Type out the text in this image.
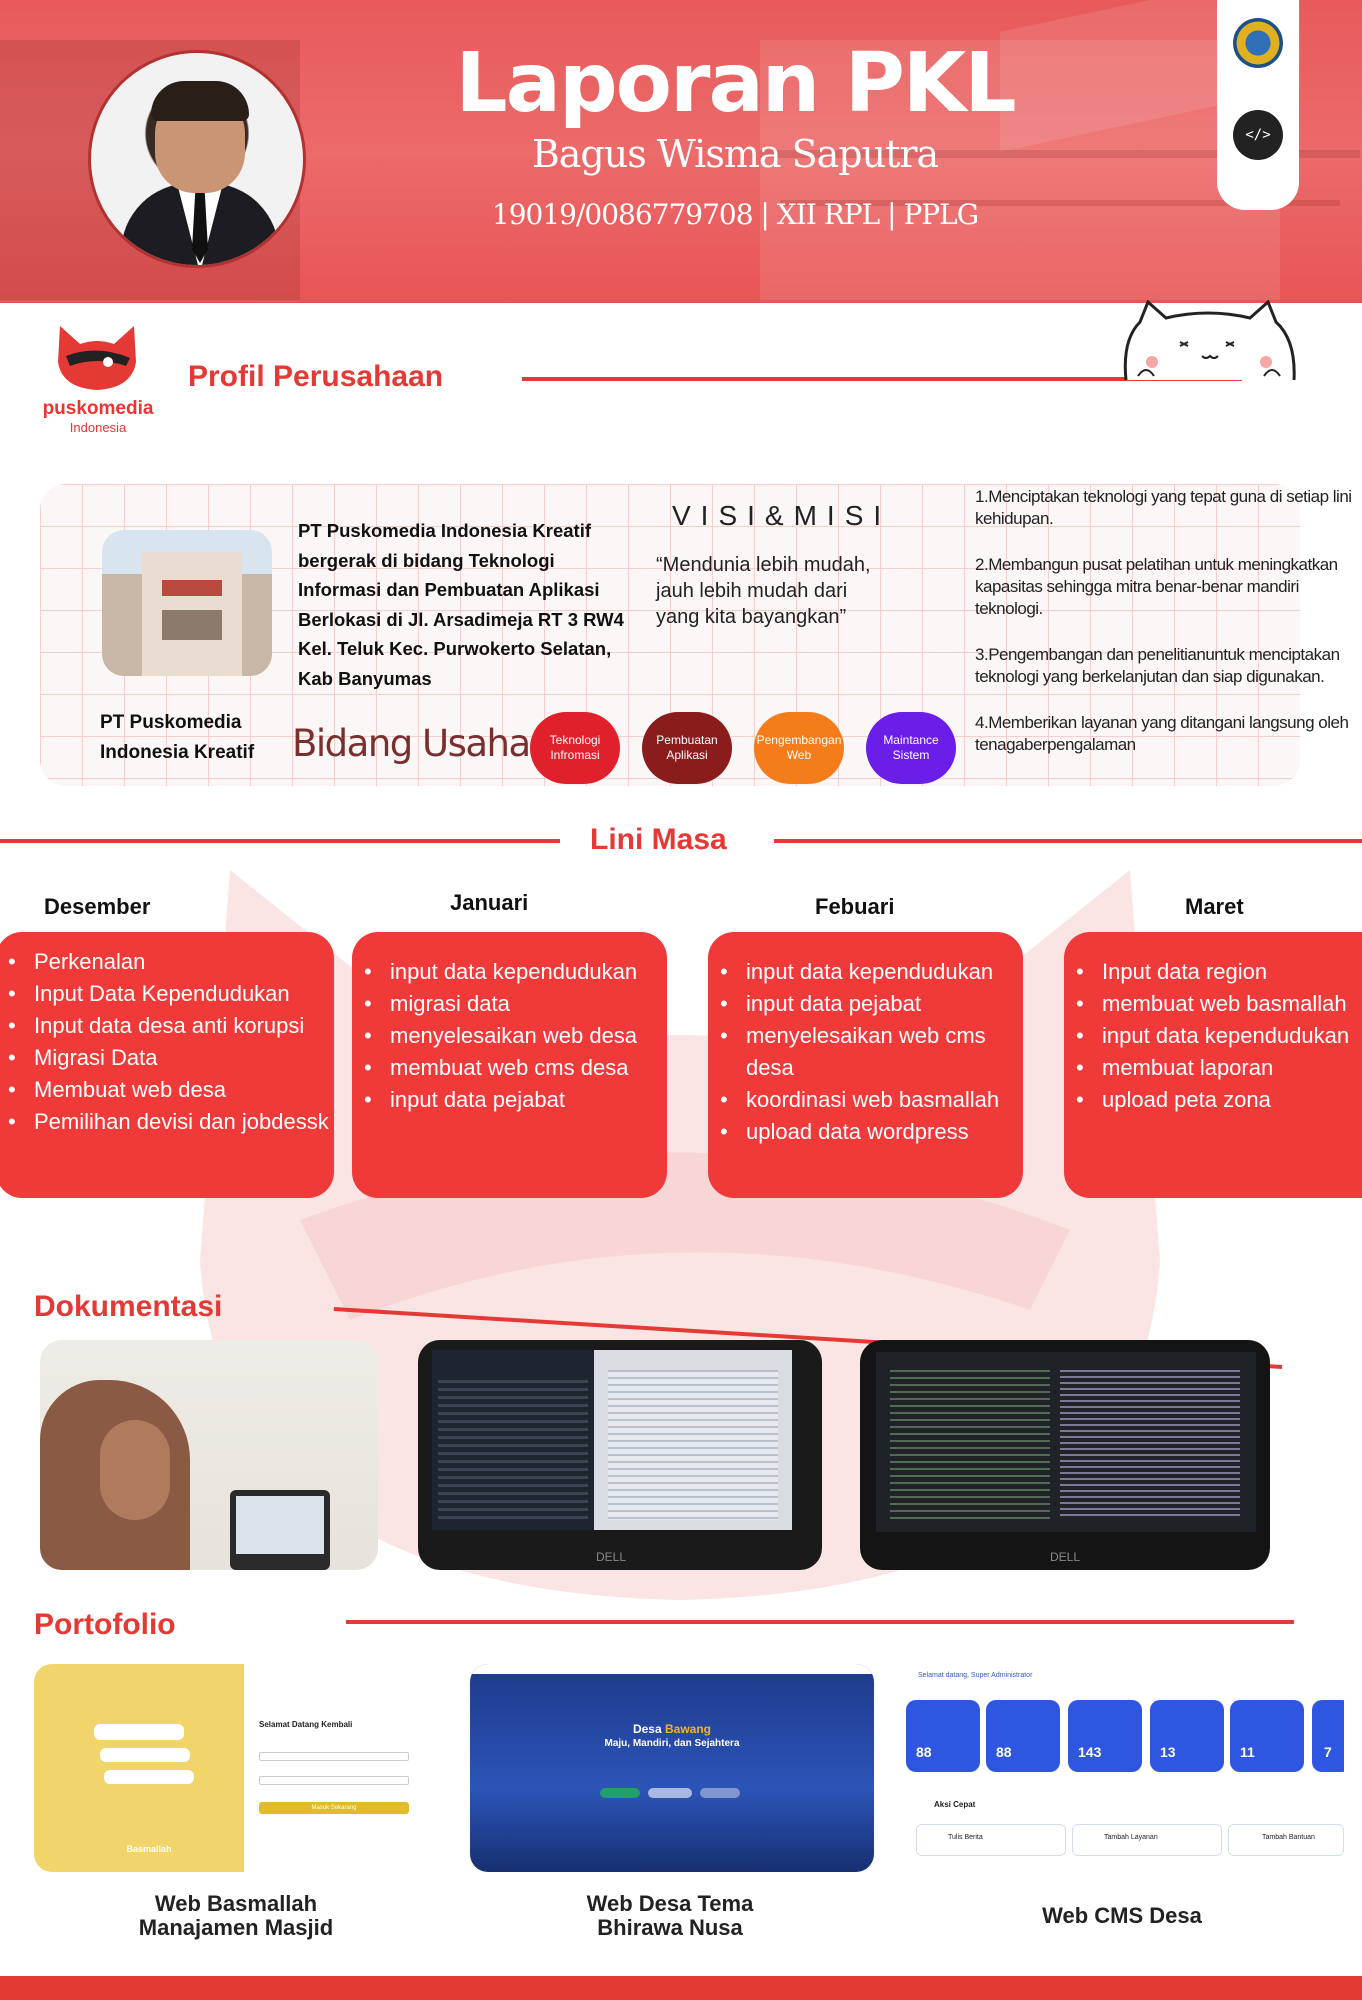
Laporan PKL
Bagus Wisma Saputra
19019/0086779708 | XII RPL | PPLG
</>
puskomedia
Indonesia
Profil Perusahaan
PT Puskomedia Indonesia Kreatif bergerak di bidang Teknologi Informasi dan Pembuatan Aplikasi Berlokasi di Jl. Arsadimeja RT 3 RW4 Kel. Teluk Kec. Purwokerto Selatan, Kab Banyumas
PT Puskomedia Indonesia Kreatif	Bidang Usaha	Teknologi Infromasi
Pembuatan Aplikasi
Pengembangan Web
Maintance Sistem
VISI&MISI
“Mendunia lebih mudah, jauh lebih mudah dari yang kita bayangkan”
1.Menciptakan teknologi yang tepat guna di setiap lini kehidupan.
2.Membangun pusat pelatihan untuk meningkatkan kapasitas sehingga mitra benar-benar mandiri teknologi.
3.Pengembangan dan penelitianuntuk menciptakan teknologi yang berkelanjutan dan siap digunakan.
4.Memberikan layanan yang ditangani langsung oleh tenagaberpengalaman
Lini Masa
Desember	Januari	Febuari	Maret
• Perkenalan
• Input Data Kependudukan
• Input data desa anti korupsi
• Migrasi Data
• Membuat web desa
• Pemilihan devisi dan jobdessk
• input data kependudukan
• migrasi data
• menyelesaikan web desa
• membuat web cms desa
• input data pejabat
• input data kependudukan
• input data pejabat
• menyelesaikan web cms desa
• koordinasi web basmallah
• upload data wordpress
• Input data region
• membuat web basmallah
• input data kependudukan
• membuat laporan
• upload peta zona
Dokumentasi
DELL	DELL
Portofolio
Basmallah
Selamat Datang Kembali
Masuk Sekarang
Web Basmallah Manajamen Masjid
Desa Bawang
Maju, Mandiri, dan Sejahtera
Web Desa Tema Bhirawa Nusa
Selamat datang, Super Administrator
88	88	143	13	11	7
Aksi Cepat
Tulis Berita	Tambah Layanan	Tambah Bantuan
Web CMS Desa
